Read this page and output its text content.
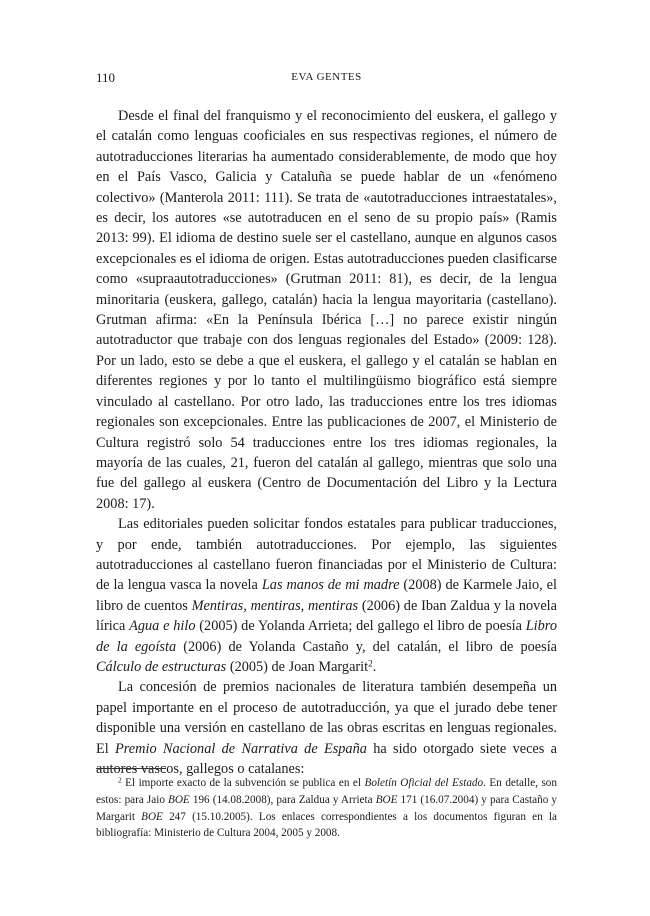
110	EVA GENTES

Desde el final del franquismo y el reconocimiento del euskera, el gallego y el catalán como lenguas cooficiales en sus respectivas regiones, el número de autotraducciones literarias ha aumentado considerablemente, de modo que hoy en el País Vasco, Galicia y Cataluña se puede hablar de un «fenómeno colectivo» (Manterola 2011: 111). Se trata de «autotraducciones intraestatales», es decir, los autores «se autotraducen en el seno de su propio país» (Ramis 2013: 99). El idioma de destino suele ser el castellano, aunque en algunos casos excepcionales es el idioma de origen. Estas autotraducciones pueden clasificarse como «supraautotraducciones» (Grutman 2011: 81), es decir, de la lengua minoritaria (euskera, gallego, catalán) hacia la lengua mayoritaria (castellano). Grutman afirma: «En la Península Ibérica […] no parece existir ningún autotraductor que trabaje con dos lenguas regionales del Estado» (2009: 128). Por un lado, esto se debe a que el euskera, el gallego y el catalán se hablan en diferentes regiones y por lo tanto el multilingüismo biográfico está siempre vinculado al castellano. Por otro lado, las traducciones entre los tres idiomas regionales son excepcionales. Entre las publicaciones de 2007, el Ministerio de Cultura registró solo 54 traducciones entre los tres idiomas regionales, la mayoría de las cuales, 21, fueron del catalán al gallego, mientras que solo una fue del gallego al euskera (Centro de Documentación del Libro y la Lectura 2008: 17).

Las editoriales pueden solicitar fondos estatales para publicar traducciones, y por ende, también autotraducciones. Por ejemplo, las siguientes autotraducciones al castellano fueron financiadas por el Ministerio de Cultura: de la lengua vasca la novela Las manos de mi madre (2008) de Karmele Jaio, el libro de cuentos Mentiras, mentiras, mentiras (2006) de Iban Zaldua y la novela lírica Agua e hilo (2005) de Yolanda Arrieta; del gallego el libro de poesía Libro de la egoísta (2006) de Yolanda Castaño y, del catalán, el libro de poesía Cálculo de estructuras (2005) de Joan Margarit$^2$.

La concesión de premios nacionales de literatura también desempeña un papel importante en el proceso de autotraducción, ya que el jurado debe tener disponible una versión en castellano de las obras escritas en lenguas regionales. El Premio Nacional de Narrativa de España ha sido otorgado siete veces a autores vascos, gallegos o catalanes:

$^2$ El importe exacto de la subvención se publica en el Boletín Oficial del Estado. En detalle, son estos: para Jaio BOE 196 (14.08.2008), para Zaldua y Arrieta BOE 171 (16.07.2004) y para Castaño y Margarit BOE 247 (15.10.2005). Los enlaces correspondientes a los documentos figuran en la bibliografía: Ministerio de Cultura 2004, 2005 y 2008.
